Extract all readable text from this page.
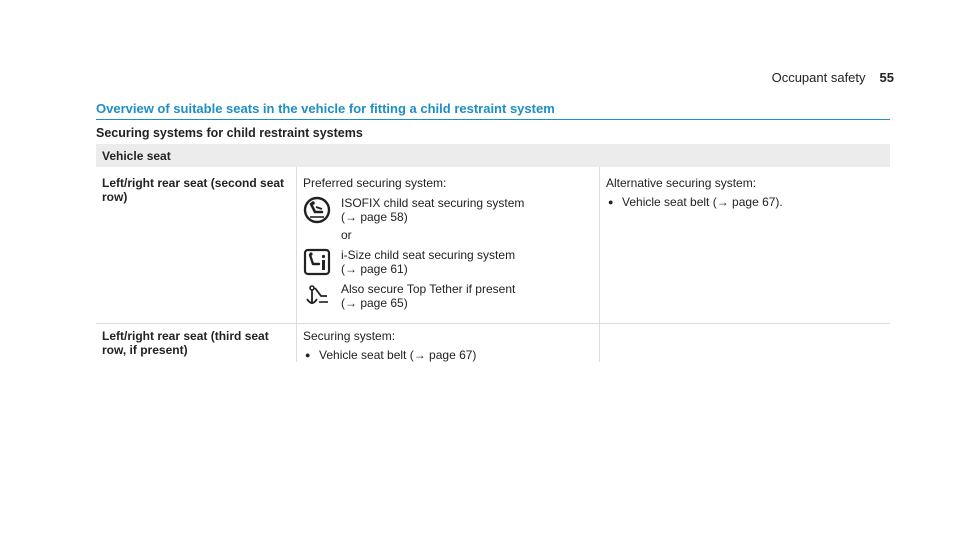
Occupant safety 55
Overview of suitable seats in the vehicle for fitting a child restraint system
Securing systems for child restraint systems
Vehicle seat
Left/right rear seat (second seat row)
Preferred securing system:
ISOFIX child seat securing system
(→ page 58)
or
i-Size child seat securing system
(→ page 61)
Also secure Top Tether if present
(→ page 65)
Alternative securing system:
● Vehicle seat belt (→ page 67).
Left/right rear seat (third seat row, if present)
Securing system:
● Vehicle seat belt (→ page 67)
